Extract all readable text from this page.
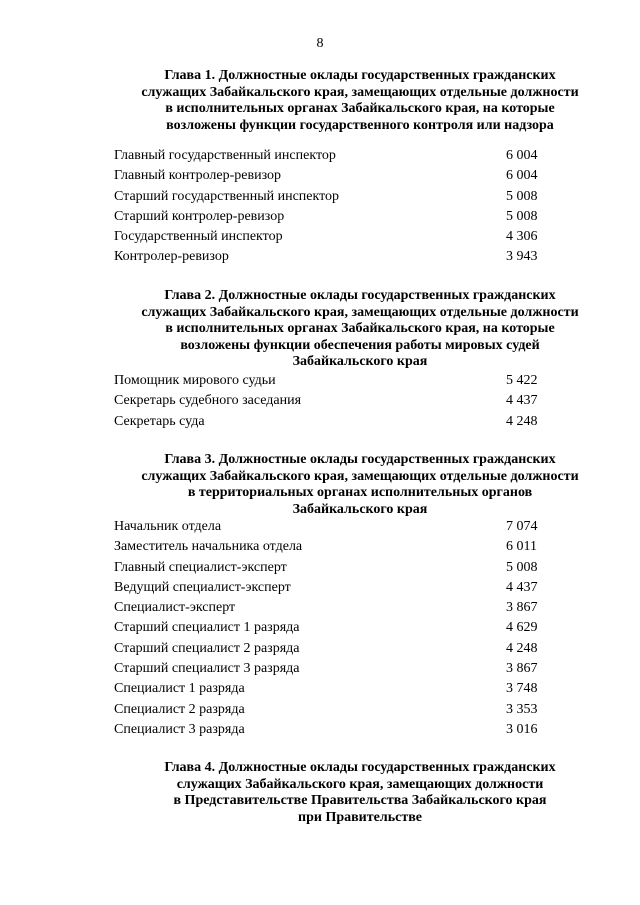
8
Глава 1. Должностные оклады государственных гражданских
служащих Забайкальского края, замещающих отдельные должности
в исполнительных органах Забайкальского края, на которые
возложены функции государственного контроля или надзора
Главный государственный инспектор	6 004
Главный контролер-ревизор	6 004
Старший государственный инспектор	5 008
Старший контролер-ревизор	5 008
Государственный инспектор	4 306
Контролер-ревизор	3 943
Глава 2. Должностные оклады государственных гражданских
служащих Забайкальского края, замещающих отдельные должности
в исполнительных органах Забайкальского края, на которые
возложены функции обеспечения работы мировых судей
Забайкальского края
Помощник мирового судьи	5 422
Секретарь судебного заседания	4 437
Секретарь суда	4 248
Глава 3. Должностные оклады государственных гражданских
служащих Забайкальского края, замещающих отдельные должности
в территориальных органах исполнительных органов
Забайкальского края
Начальник отдела	7 074
Заместитель начальника отдела	6 011
Главный специалист-эксперт	5 008
Ведущий специалист-эксперт	4 437
Специалист-эксперт	3 867
Старший специалист 1 разряда	4 629
Старший специалист 2 разряда	4 248
Старший специалист 3 разряда	3 867
Специалист 1 разряда	3 748
Специалист 2 разряда	3 353
Специалист 3 разряда	3 016
Глава 4. Должностные оклады государственных гражданских
служащих Забайкальского края, замещающих должности
в Представительстве Правительства Забайкальского края
при Правительстве
